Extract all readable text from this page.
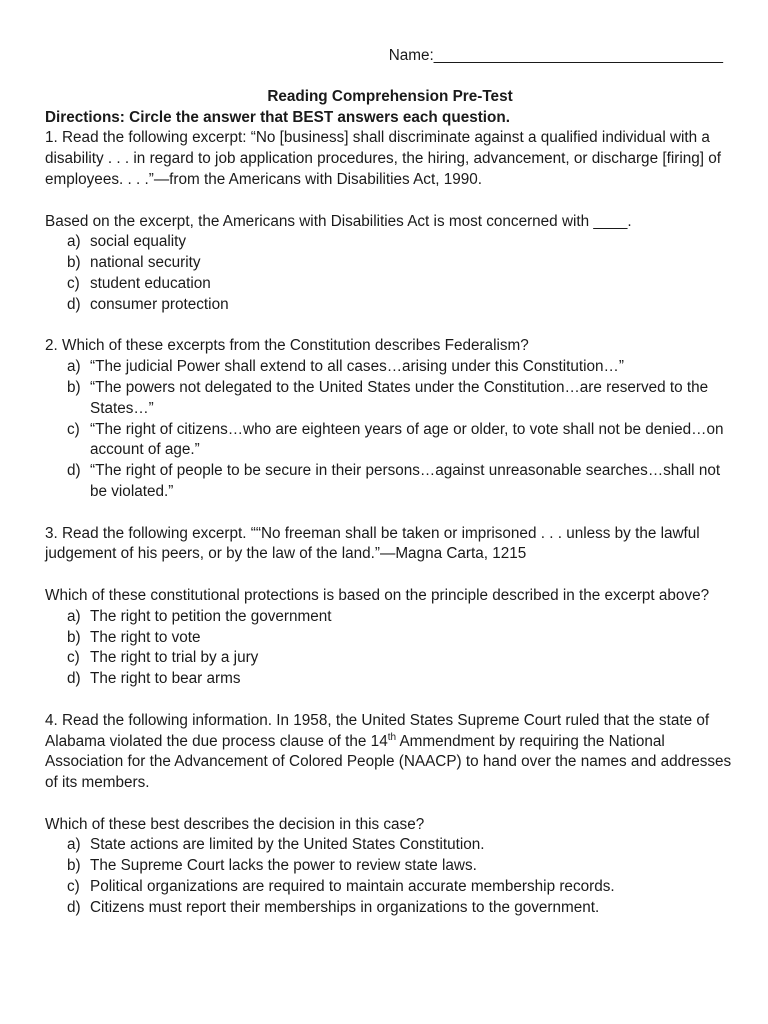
Name:__________________________________
Reading Comprehension Pre-Test

Directions: Circle the answer that BEST answers each question.

1. Read the following excerpt: “No [business] shall discriminate against a qualified individual with a disability . . . in regard to job application procedures, the hiring, advancement, or discharge [firing] of employees. . . .”—from the Americans with Disabilities Act, 1990.

Based on the excerpt, the Americans with Disabilities Act is most concerned with ____.

a) social equality
b) national security
c) student education
d) consumer protection

2. Which of these excerpts from the Constitution describes Federalism?

a) “The judicial Power shall extend to all cases…arising under this Constitution…”
b) “The powers not delegated to the United States under the Constitution…are reserved to the States…”
c) “The right of citizens…who are eighteen years of age or older, to vote shall not be denied…on account of age.”
d) “The right of people to be secure in their persons…against unreasonable searches…shall not be violated.”

3. Read the following excerpt. ““No freeman shall be taken or imprisoned . . . unless by the lawful judgement of his peers, or by the law of the land.”—Magna Carta, 1215

Which of these constitutional protections is based on the principle described in the excerpt above?

a) The right to petition the government
b) The right to vote
c) The right to trial by a jury
d) The right to bear arms

4. Read the following information. In 1958, the United States Supreme Court ruled that the state of Alabama violated the due process clause of the 14th Ammendment by requiring the National Association for the Advancement of Colored People (NAACP) to hand over the names and addresses of its members.

Which of these best describes the decision in this case?

a) State actions are limited by the United States Constitution.
b) The Supreme Court lacks the power to review state laws.
c) Political organizations are required to maintain accurate membership records.
d) Citizens must report their memberships in organizations to the government.
